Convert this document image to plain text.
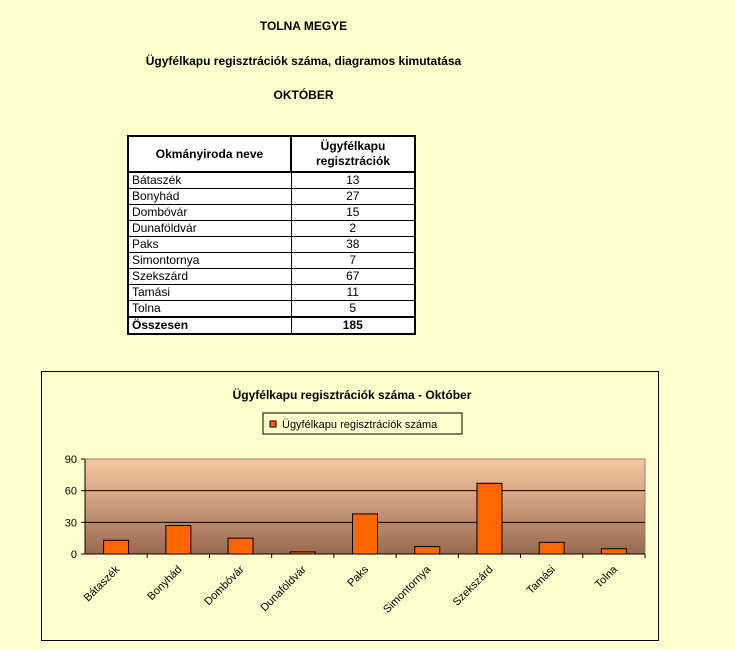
TOLNA MEGYE
Ügyfélkapu regisztrációk száma, diagramos kimutatása
OKTÓBER
Okmányiroda neve	Ügyfélkapu regisztrációk
Bátaszék	13
Bonyhád	27
Dombóvár	15
Dunaföldvár	2
Paks	38
Simontornya	7
Szekszárd	67
Tamási	11
Tolna	5
Összesen	185
Ügyfélkapu regisztrációk száma - Október
Ügyfélkapu regisztrációk száma
0
30
60
90
Bátaszék Bonyhád Dombóvár Dunaföldvár	Paks Simontornya Szekszárd	Tamási	Tolna
